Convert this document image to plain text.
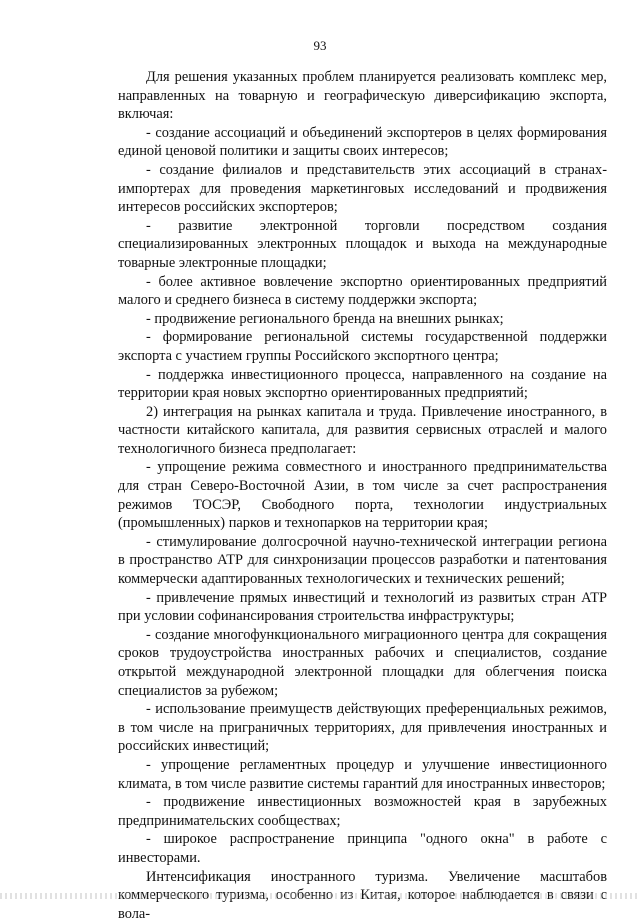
93

Для решения указанных проблем планируется реализовать комплекс мер, направленных на товарную и географическую диверсификацию экспорта, включая:

- создание ассоциаций и объединений экспортеров в целях формирования единой ценовой политики и защиты своих интересов;

- создание филиалов и представительств этих ассоциаций в странах-импортерах для проведения маркетинговых исследований и продвижения интересов российских экспортеров;

- развитие электронной торговли посредством создания специализированных электронных площадок и выхода на международные товарные электронные площадки;

- более активное вовлечение экспортно ориентированных предприятий малого и среднего бизнеса в систему поддержки экспорта;

- продвижение регионального бренда на внешних рынках;

- формирование региональной системы государственной поддержки экспорта с участием группы Российского экспортного центра;

- поддержка инвестиционного процесса, направленного на создание на территории края новых экспортно ориентированных предприятий;

2) интеграция на рынках капитала и труда. Привлечение иностранного, в частности китайского капитала, для развития сервисных отраслей и малого технологичного бизнеса предполагает:

- упрощение режима совместного и иностранного предпринимательства для стран Северо-Восточной Азии, в том числе за счет распространения режимов ТОСЭР, Свободного порта, технологии индустриальных (промышленных) парков и технопарков на территории края;

- стимулирование долгосрочной научно-технической интеграции региона в пространство АТР для синхронизации процессов разработки и патентования коммерчески адаптированных технологических и технических решений;

- привлечение прямых инвестиций и технологий из развитых стран АТР при условии софинансирования строительства инфраструктуры;

- создание многофункционального миграционного центра для сокращения сроков трудоустройства иностранных рабочих и специалистов, создание открытой международной электронной площадки для облегчения поиска специалистов за рубежом;

- использование преимуществ действующих преференциальных режимов, в том числе на приграничных территориях, для привлечения иностранных и российских инвестиций;

- упрощение регламентных процедур и улучшение инвестиционного климата, в том числе развитие системы гарантий для иностранных инвесторов;

- продвижение инвестиционных возможностей края в зарубежных предпринимательских сообществах;

- широкое распространение принципа "одного окна" в работе с инвесторами.

Интенсификация иностранного туризма. Увеличение масштабов коммерческого туризма, особенно из Китая, которое наблюдается в связи с вола-
